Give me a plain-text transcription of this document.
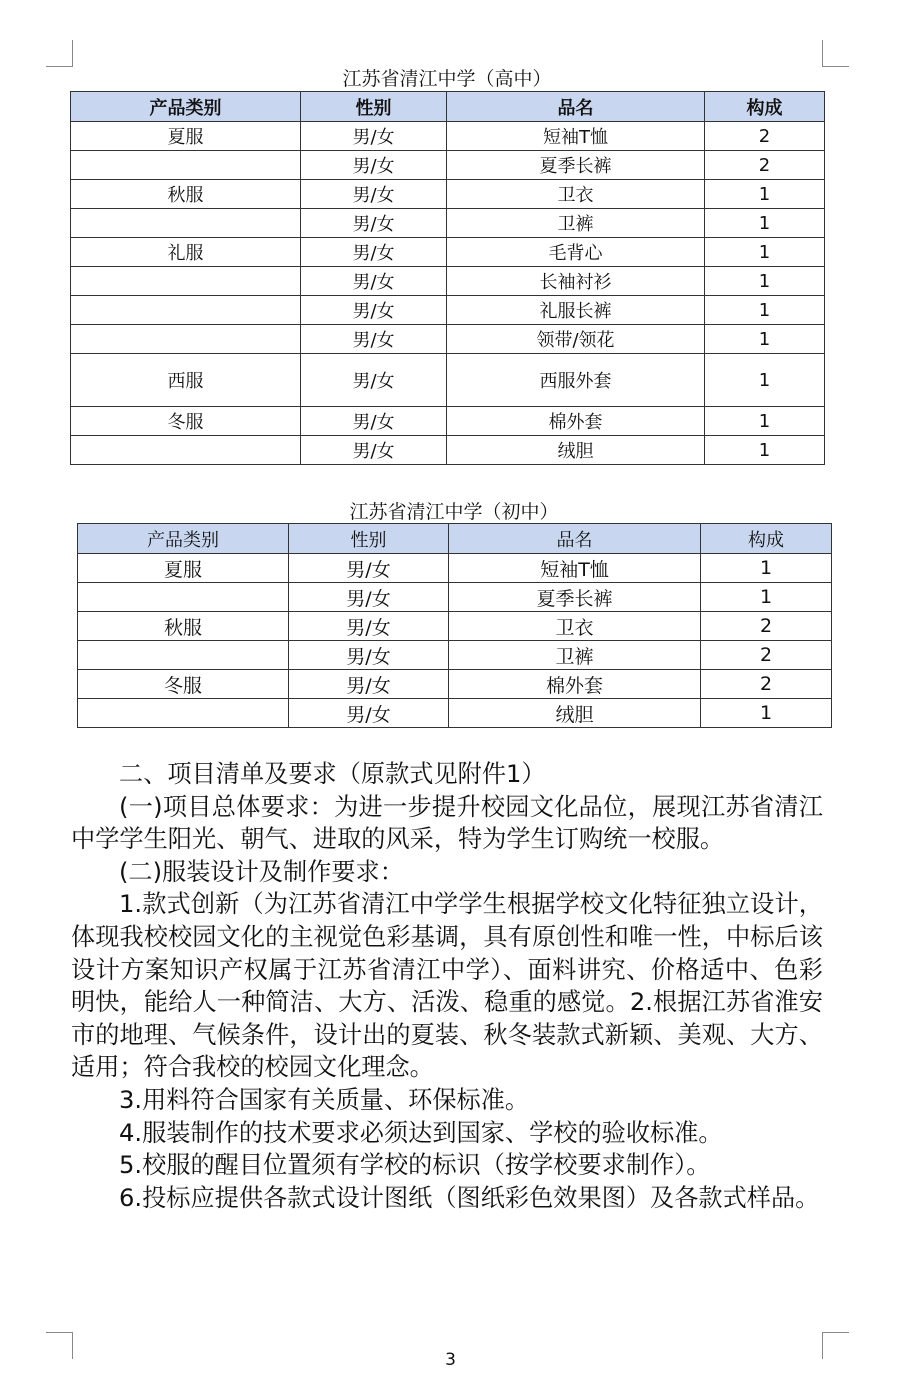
江苏省清江中学（高中）
产品类别	性别	品名	构成
夏服	男/女	短袖T恤	2
	男/女	夏季长裤	2
秋服	男/女	卫衣	1
	男/女	卫裤	1
礼服	男/女	毛背心	1
	男/女	长袖衬衫	1
	男/女	礼服长裤	1
	男/女	领带/领花	1
西服	男/女	西服外套	1
冬服	男/女	棉外套	1
	男/女	绒胆	1
江苏省清江中学（初中）
产品类别	性别	品名	构成
夏服	男/女	短袖T恤	1
	男/女	夏季长裤	1
秋服	男/女	卫衣	2
	男/女	卫裤	2
冬服	男/女	棉外套	2
	男/女	绒胆	1

二、项目清单及要求（原款式见附件1）

(一)项目总体要求：为进一步提升校园文化品位，展现江苏省清江中学学生阳光、朝气、进取的风采，特为学生订购统一校服。

(二)服装设计及制作要求：

1.款式创新（为江苏省清江中学学生根据学校文化特征独立设计，体现我校校园文化的主视觉色彩基调，具有原创性和唯一性，中标后该设计方案知识产权属于江苏省清江中学）、面料讲究、价格适中、色彩明快，能给人一种简洁、大方、活泼、稳重的感觉。2.根据江苏省淮安市的地理、气候条件，设计出的夏装、秋冬装款式新颖、美观、大方、适用；符合我校的校园文化理念。

3.用料符合国家有关质量、环保标准。

4.服装制作的技术要求必须达到国家、学校的验收标准。

5.校服的醒目位置须有学校的标识（按学校要求制作）。

6.投标应提供各款式设计图纸（图纸彩色效果图）及各款式样品。

3
